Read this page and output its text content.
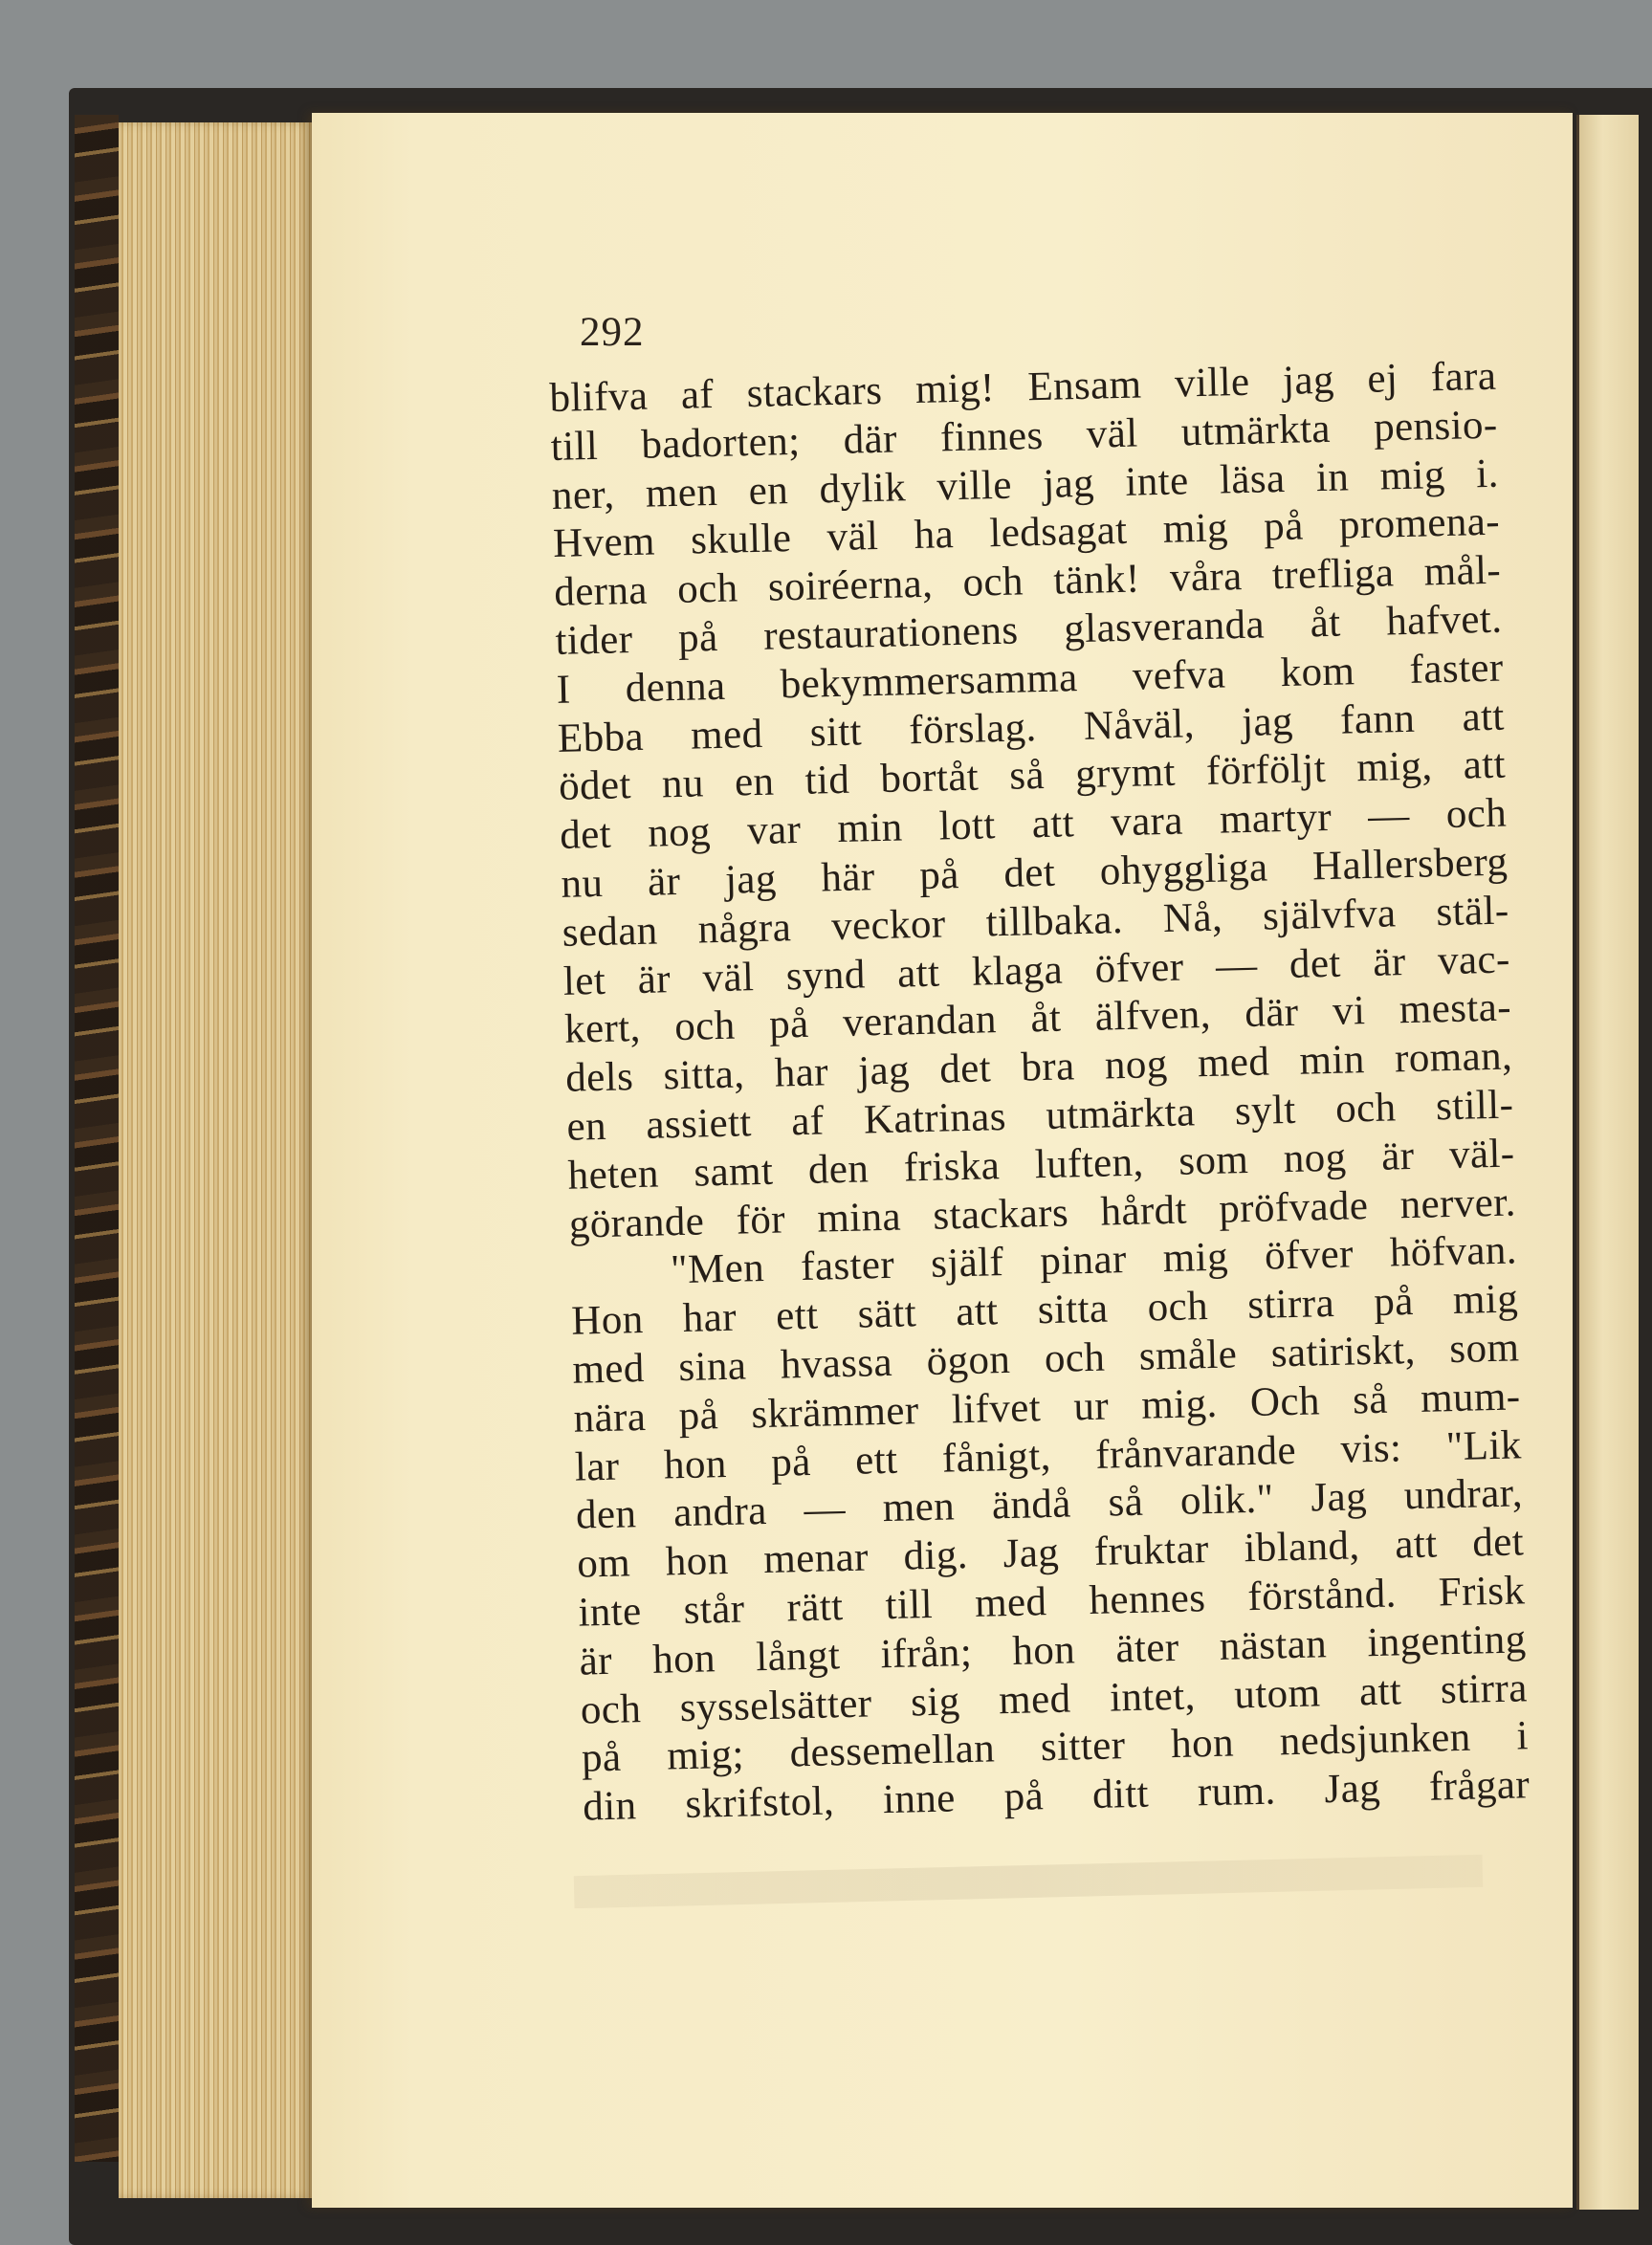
292
blifva af stackars mig! Ensam ville jag ej fara
till badorten; där finnes väl utmärkta pensio-
ner, men en dylik ville jag inte läsa in mig i.
Hvem skulle väl ha ledsagat mig på promena-
derna och soiréerna, och tänk! våra trefliga mål-
tider på restaurationens glasveranda åt hafvet.
I denna bekymmersamma vefva kom faster
Ebba med sitt förslag. Nåväl, jag fann att
ödet nu en tid bortåt så grymt förföljt mig, att
det nog var min lott att vara martyr — och
nu är jag här på det ohyggliga Hallersberg
sedan några veckor tillbaka. Nå, självfva stäl-
let är väl synd att klaga öfver — det är vac-
kert, och på verandan åt älfven, där vi mesta-
dels sitta, har jag det bra nog med min roman,
en assiett af Katrinas utmärkta sylt och still-
heten samt den friska luften, som nog är väl-
görande för mina stackars hårdt pröfvade nerver.
"Men faster själf pinar mig öfver höfvan.
Hon har ett sätt att sitta och stirra på mig
med sina hvassa ögon och småle satiriskt, som
nära på skrämmer lifvet ur mig. Och så mum-
lar hon på ett fånigt, frånvarande vis: "Lik
den andra — men ändå så olik." Jag undrar,
om hon menar dig. Jag fruktar ibland, att det
inte står rätt till med hennes förstånd. Frisk
är hon långt ifrån; hon äter nästan ingenting
och sysselsätter sig med intet, utom att stirra
på mig; dessemellan sitter hon nedsjunken i
din skrifstol, inne på ditt rum. Jag frågar
